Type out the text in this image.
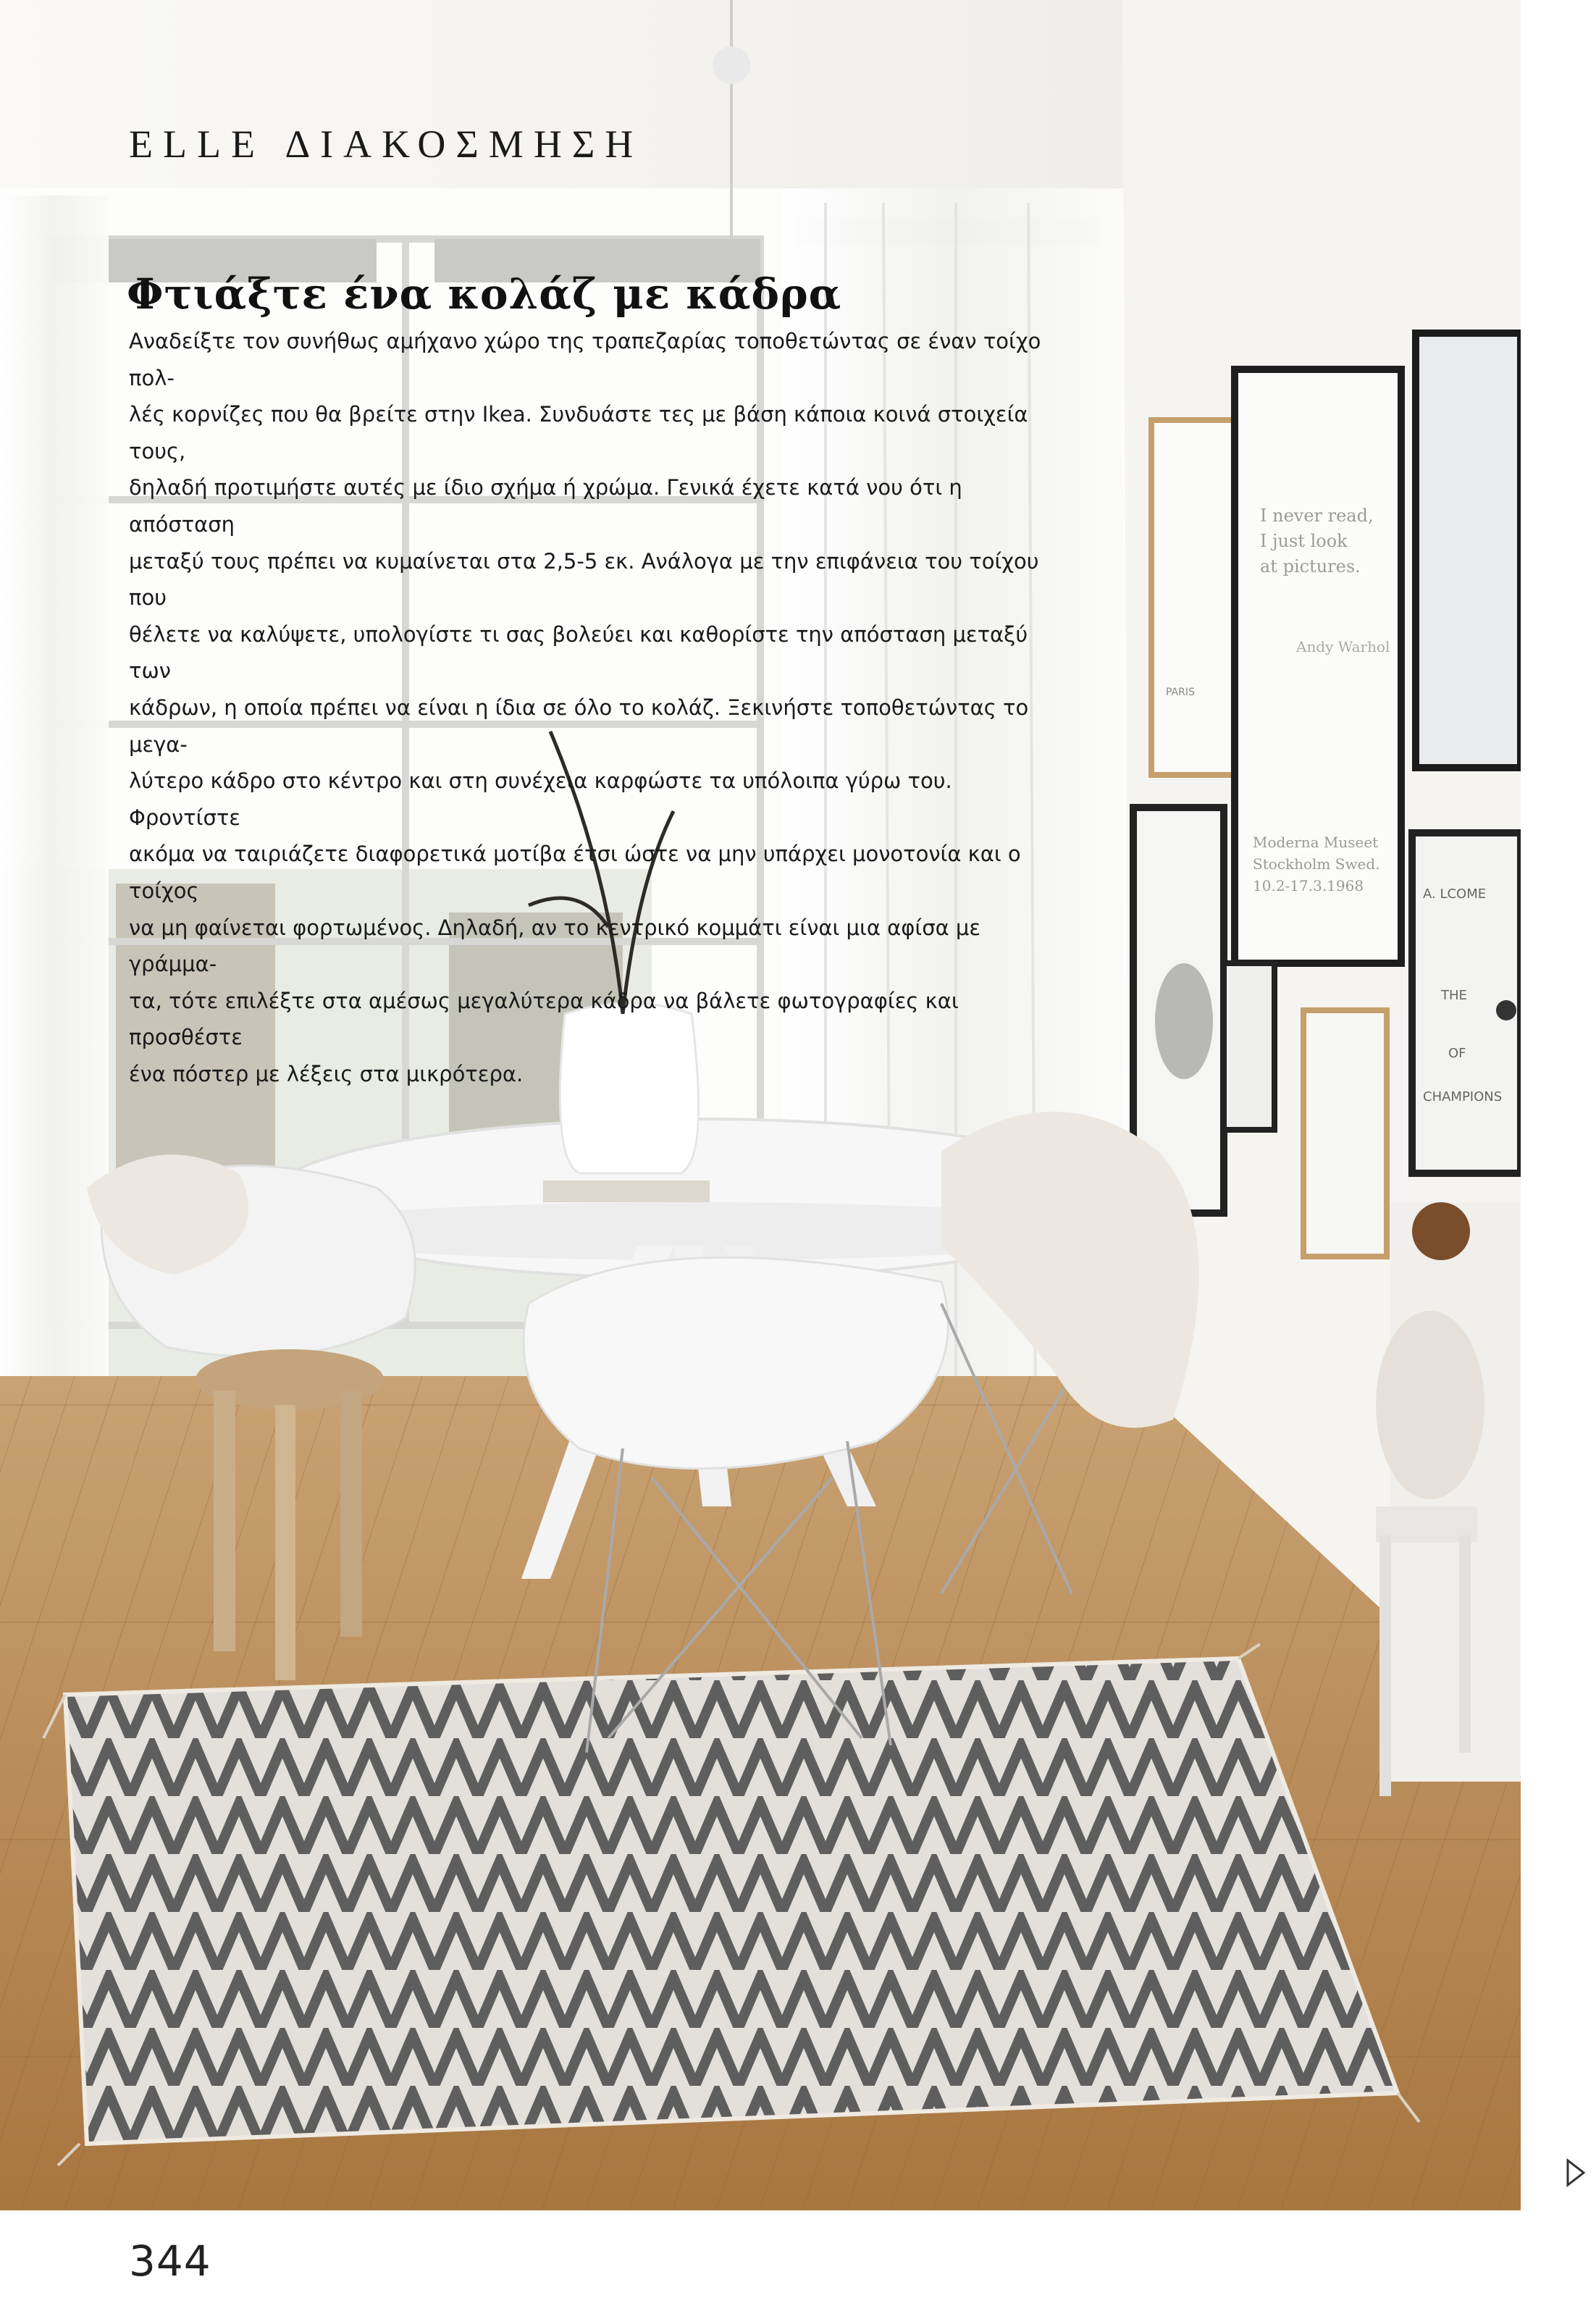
PARIS
I never read,
I just look
at pictures.
Andy Warhol
Moderna Museet
Stockholm Swed.
10.2-17.3.1968	A. LCOME
THE
OF
CHAMPIONS
ELLE ΔΙΑΚΟΣΜΗΣΗ
Φτιάξτε ένα κολάζ με κάδρα

Αναδείξτε τον συνήθως αμήχανο χώρο της τραπεζαρίας τοποθετώντας σε έναν τοίχο πολ-

λές κορνίζες που θα βρείτε στην Ikea. Συνδυάστε τες με βάση κάποια κοινά στοιχεία τους,

δηλαδή προτιμήστε αυτές με ίδιο σχήμα ή χρώμα. Γενικά έχετε κατά νου ότι η απόσταση

μεταξύ τους πρέπει να κυμαίνεται στα 2,5-5 εκ. Ανάλογα με την επιφάνεια του τοίχου που

θέλετε να καλύψετε, υπολογίστε τι σας βολεύει και καθορίστε την απόσταση μεταξύ των

κάδρων, η οποία πρέπει να είναι η ίδια σε όλο το κολάζ. Ξεκινήστε τοποθετώντας το μεγα-

λύτερο κάδρο στο κέντρο και στη συνέχεια καρφώστε τα υπόλοιπα γύρω του. Φροντίστε

ακόμα να ταιριάζετε διαφορετικά μοτίβα έτσι ώστε να μην υπάρχει μονοτονία και ο τοίχος

να μη φαίνεται φορτωμένος. Δηλαδή, αν το κεντρικό κομμάτι είναι μια αφίσα με γράμμα-

τα, τότε επιλέξτε στα αμέσως μεγαλύτερα κάδρα να βάλετε φωτογραφίες και προσθέστε

ένα πόστερ με λέξεις στα μικρότερα.

344
